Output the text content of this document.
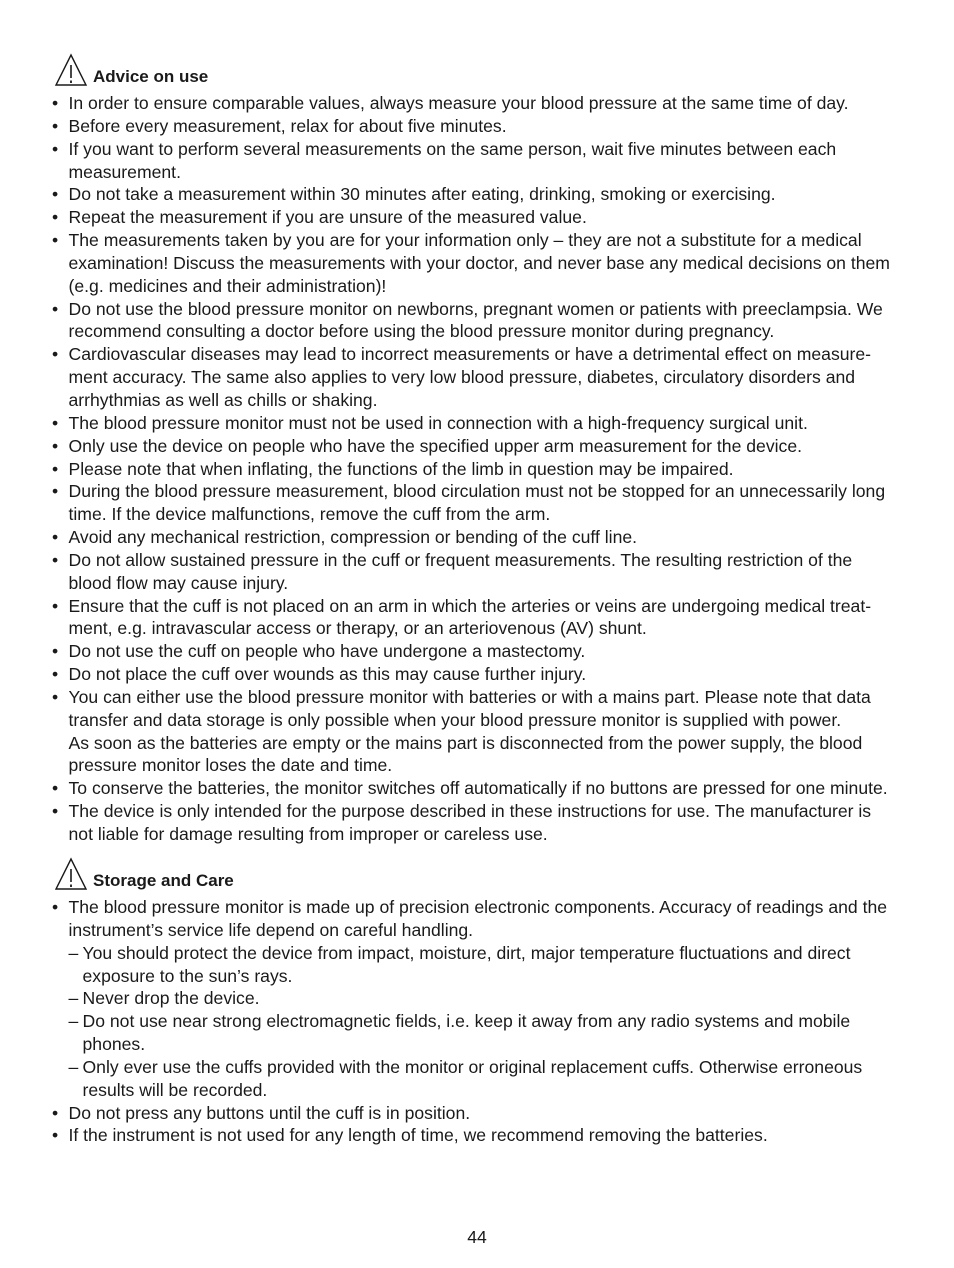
Advice on use
• In order to ensure comparable values, always measure your blood pressure at the same time of day.
• Before every measurement, relax for about five minutes.
• If you want to perform several measurements on the same person, wait five minutes between each measurement.
• Do not take a measurement within 30 minutes after eating, drinking, smoking or exercising.
• Repeat the measurement if you are unsure of the measured value.
• The measurements taken by you are for your information only – they are not a substitute for a medical examination! Discuss the measurements with your doctor, and never base any medical decisions on them (e.g. medicines and their administration)!
• Do not use the blood pressure monitor on newborns, pregnant women or patients with preeclampsia. We recommend consulting a doctor before using the blood pressure monitor during pregnancy.
• Cardiovascular diseases may lead to incorrect measurements or have a detrimental effect on measurement accuracy. The same also applies to very low blood pressure, diabetes, circulatory disorders and arrhythmias as well as chills or shaking.
• The blood pressure monitor must not be used in connection with a high-frequency surgical unit.
• Only use the device on people who have the specified upper arm measurement for the device.
• Please note that when inflating, the functions of the limb in question may be impaired.
• During the blood pressure measurement, blood circulation must not be stopped for an unnecessarily long time. If the device malfunctions, remove the cuff from the arm.
• Avoid any mechanical restriction, compression or bending of the cuff line.
• Do not allow sustained pressure in the cuff or frequent measurements. The resulting restriction of the blood flow may cause injury.
• Ensure that the cuff is not placed on an arm in which the arteries or veins are undergoing medical treatment, e.g. intravascular access or therapy, or an arteriovenous (AV) shunt.
• Do not use the cuff on people who have undergone a mastectomy.
• Do not place the cuff over wounds as this may cause further injury.
• You can either use the blood pressure monitor with batteries or with a mains part. Please note that data transfer and data storage is only possible when your blood pressure monitor is supplied with power.
As soon as the batteries are empty or the mains part is disconnected from the power supply, the blood pressure monitor loses the date and time.
• To conserve the batteries, the monitor switches off automatically if no buttons are pressed for one minute.
• The device is only intended for the purpose described in these instructions for use. The manufacturer is not liable for damage resulting from improper or careless use.
Storage and Care
• The blood pressure monitor is made up of precision electronic components. Accuracy of readings and the instrument’s service life depend on careful handling.
– You should protect the device from impact, moisture, dirt, major temperature fluctuations and direct exposure to the sun’s rays.
– Never drop the device.
– Do not use near strong electromagnetic fields, i.e. keep it away from any radio systems and mobile phones.
– Only ever use the cuffs provided with the monitor or original replacement cuffs. Otherwise erroneous results will be recorded.
• Do not press any buttons until the cuff is in position.
• If the instrument is not used for any length of time, we recommend removing the batteries.
44
